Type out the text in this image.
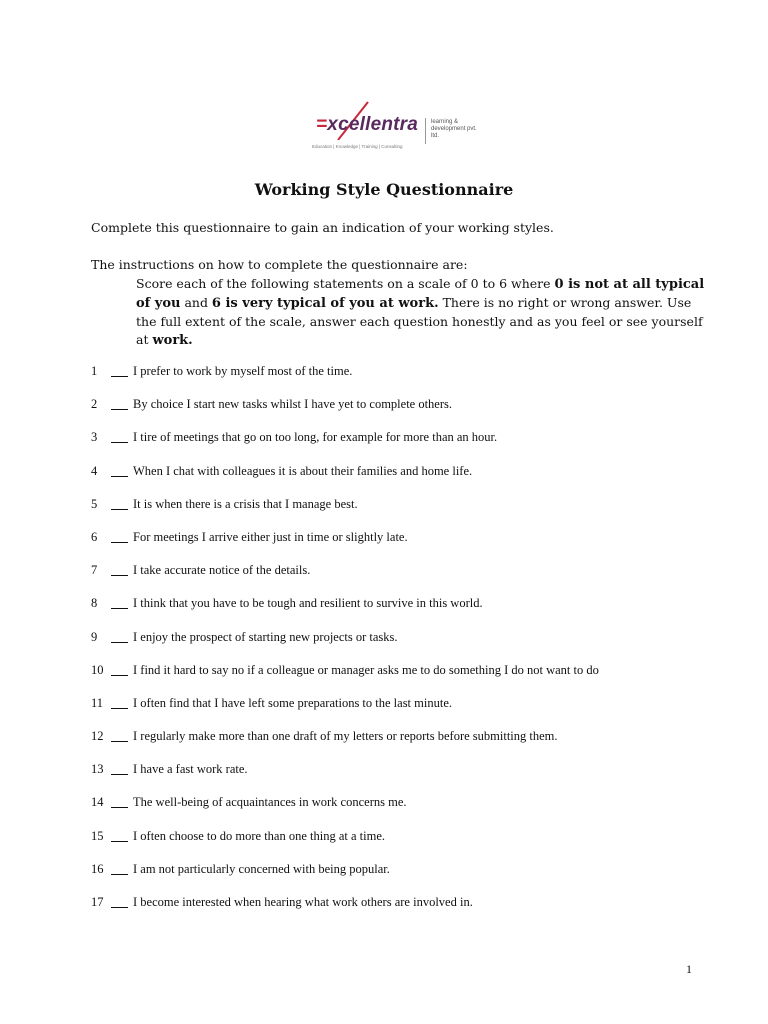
=xcellentra learning & development pvt. ltd.
Education | Knowledge | Training | Consulting
Working Style Questionnaire
Complete this questionnaire to gain an indication of your working styles.
The instructions on how to complete the questionnaire are:
Score each of the following statements on a scale of 0 to 6 where 0 is not at all typical of you and 6 is very typical of you at work. There is no right or wrong answer. Use the full extent of the scale, answer each question honestly and as you feel or see yourself at work.
1	I prefer to work by myself most of the time.
2	By choice I start new tasks whilst I have yet to complete others.
3	I tire of meetings that go on too long, for example for more than an hour.
4	When I chat with colleagues it is about their families and home life.
5	It is when there is a crisis that I manage best.
6	For meetings I arrive either just in time or slightly late.
7	I take accurate notice of the details.
8	I think that you have to be tough and resilient to survive in this world.
9	I enjoy the prospect of starting new projects or tasks.
10	I find it hard to say no if a colleague or manager asks me to do something I do not want to do
11	I often find that I have left some preparations to the last minute.
12	I regularly make more than one draft of my letters or reports before submitting them.
13	I have a fast work rate.
14	The well-being of acquaintances in work concerns me.
15	I often choose to do more than one thing at a time.
16	I am not particularly concerned with being popular.
17	I become interested when hearing what work others are involved in.
1
